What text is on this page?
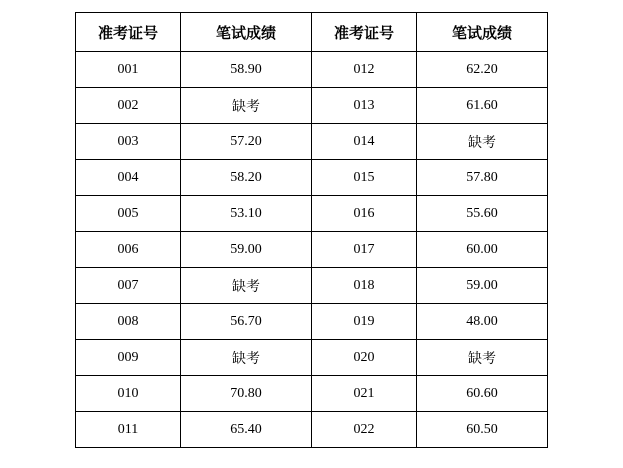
准考证号	笔试成绩	准考证号	笔试成绩
001	58.90	012	62.20
002	缺考	013	61.60
003	57.20	014	缺考
004	58.20	015	57.80
005	53.10	016	55.60
006	59.00	017	60.00
007	缺考	018	59.00
008	56.70	019	48.00
009	缺考	020	缺考
010	70.80	021	60.60
011	65.40	022	60.50
